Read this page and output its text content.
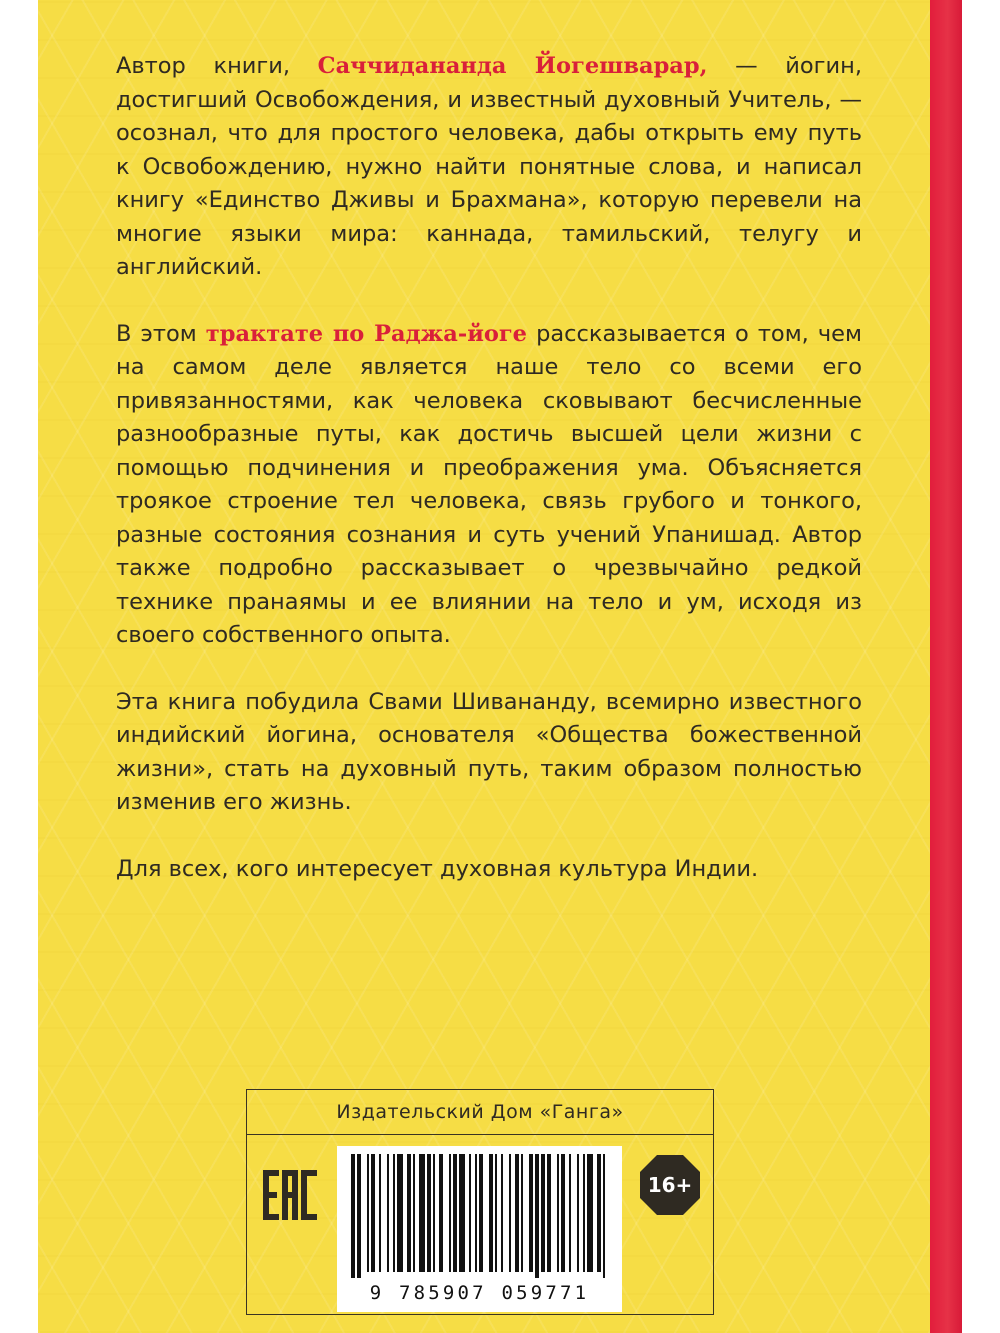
Автор книги, Саччидананда Йогешварар, — йогин, достигший Освобождения, и известный духовный Учитель, — осознал, что для простого человека, дабы открыть ему путь к Освобождению, нужно найти понятные слова, и написал книгу «Единство Дживы и Брахмана», которую перевели на многие языки мира: каннада, тамильский, телугу и английский.

В этом трактате по Раджа-йоге рассказывается о том, чем на самом деле является наше тело со всеми его привязанностями, как человека сковывают бесчисленные разнообразные путы, как достичь высшей цели жизни с помощью подчинения и преображения ума. Объясняется троякое строение тел человека, связь грубого и тонкого, разные состояния сознания и суть учений Упанишад. Автор также подробно рассказывает о чрезвычайно редкой технике пранаямы и ее влиянии на тело и ум, исходя из своего собственного опыта.

Эта книга побудила Свами Шивананду, всемирно известного индийский йогина, основателя «Общества божественной жизни», стать на духовный путь, таким образом полностью изменив его жизнь.

Для всех, кого интересует духовная культура Индии.

Издательский Дом «Ганга»
9 785907 059771
16+
